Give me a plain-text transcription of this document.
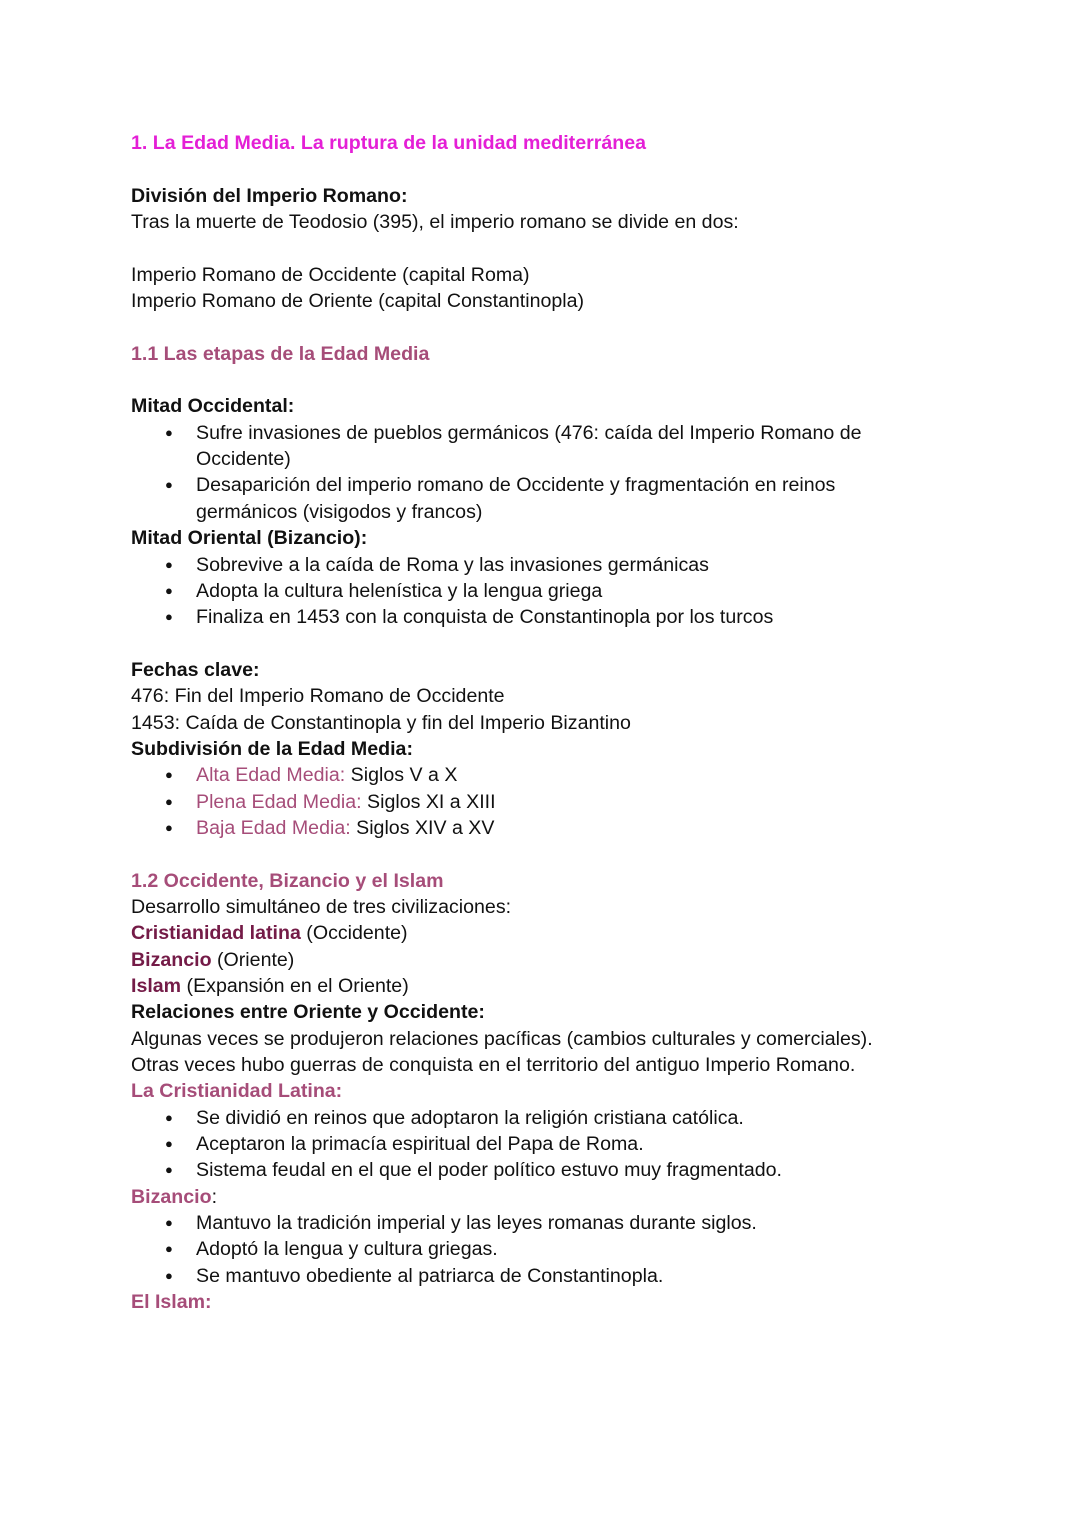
1. La Edad Media. La ruptura de la unidad mediterránea
División del Imperio Romano:
Tras la muerte de Teodosio (395), el imperio romano se divide en dos:
Imperio Romano de Occidente (capital Roma)
Imperio Romano de Oriente (capital Constantinopla)
1.1 Las etapas de la Edad Media
Mitad Occidental:
● Sufre invasiones de pueblos germánicos (476: caída del Imperio Romano de Occidente)
● Desaparición del imperio romano de Occidente y fragmentación en reinos germánicos (visigodos y francos)
Mitad Oriental (Bizancio):
● Sobrevive a la caída de Roma y las invasiones germánicas
● Adopta la cultura helenística y la lengua griega
● Finaliza en 1453 con la conquista de Constantinopla por los turcos
Fechas clave:
476: Fin del Imperio Romano de Occidente
1453: Caída de Constantinopla y fin del Imperio Bizantino
Subdivisión de la Edad Media:
● Alta Edad Media: Siglos V a X
● Plena Edad Media: Siglos XI a XIII
● Baja Edad Media: Siglos XIV a XV
1.2 Occidente, Bizancio y el Islam
Desarrollo simultáneo de tres civilizaciones:
Cristianidad latina (Occidente)
Bizancio (Oriente)
Islam (Expansión en el Oriente)
Relaciones entre Oriente y Occidente:
Algunas veces se produjeron relaciones pacíficas (cambios culturales y comerciales).
Otras veces hubo guerras de conquista en el territorio del antiguo Imperio Romano.
La Cristianidad Latina:
● Se dividió en reinos que adoptaron la religión cristiana católica.
● Aceptaron la primacía espiritual del Papa de Roma.
● Sistema feudal en el que el poder político estuvo muy fragmentado.
Bizancio:
● Mantuvo la tradición imperial y las leyes romanas durante siglos.
● Adoptó la lengua y cultura griegas.
● Se mantuvo obediente al patriarca de Constantinopla.
El Islam:
